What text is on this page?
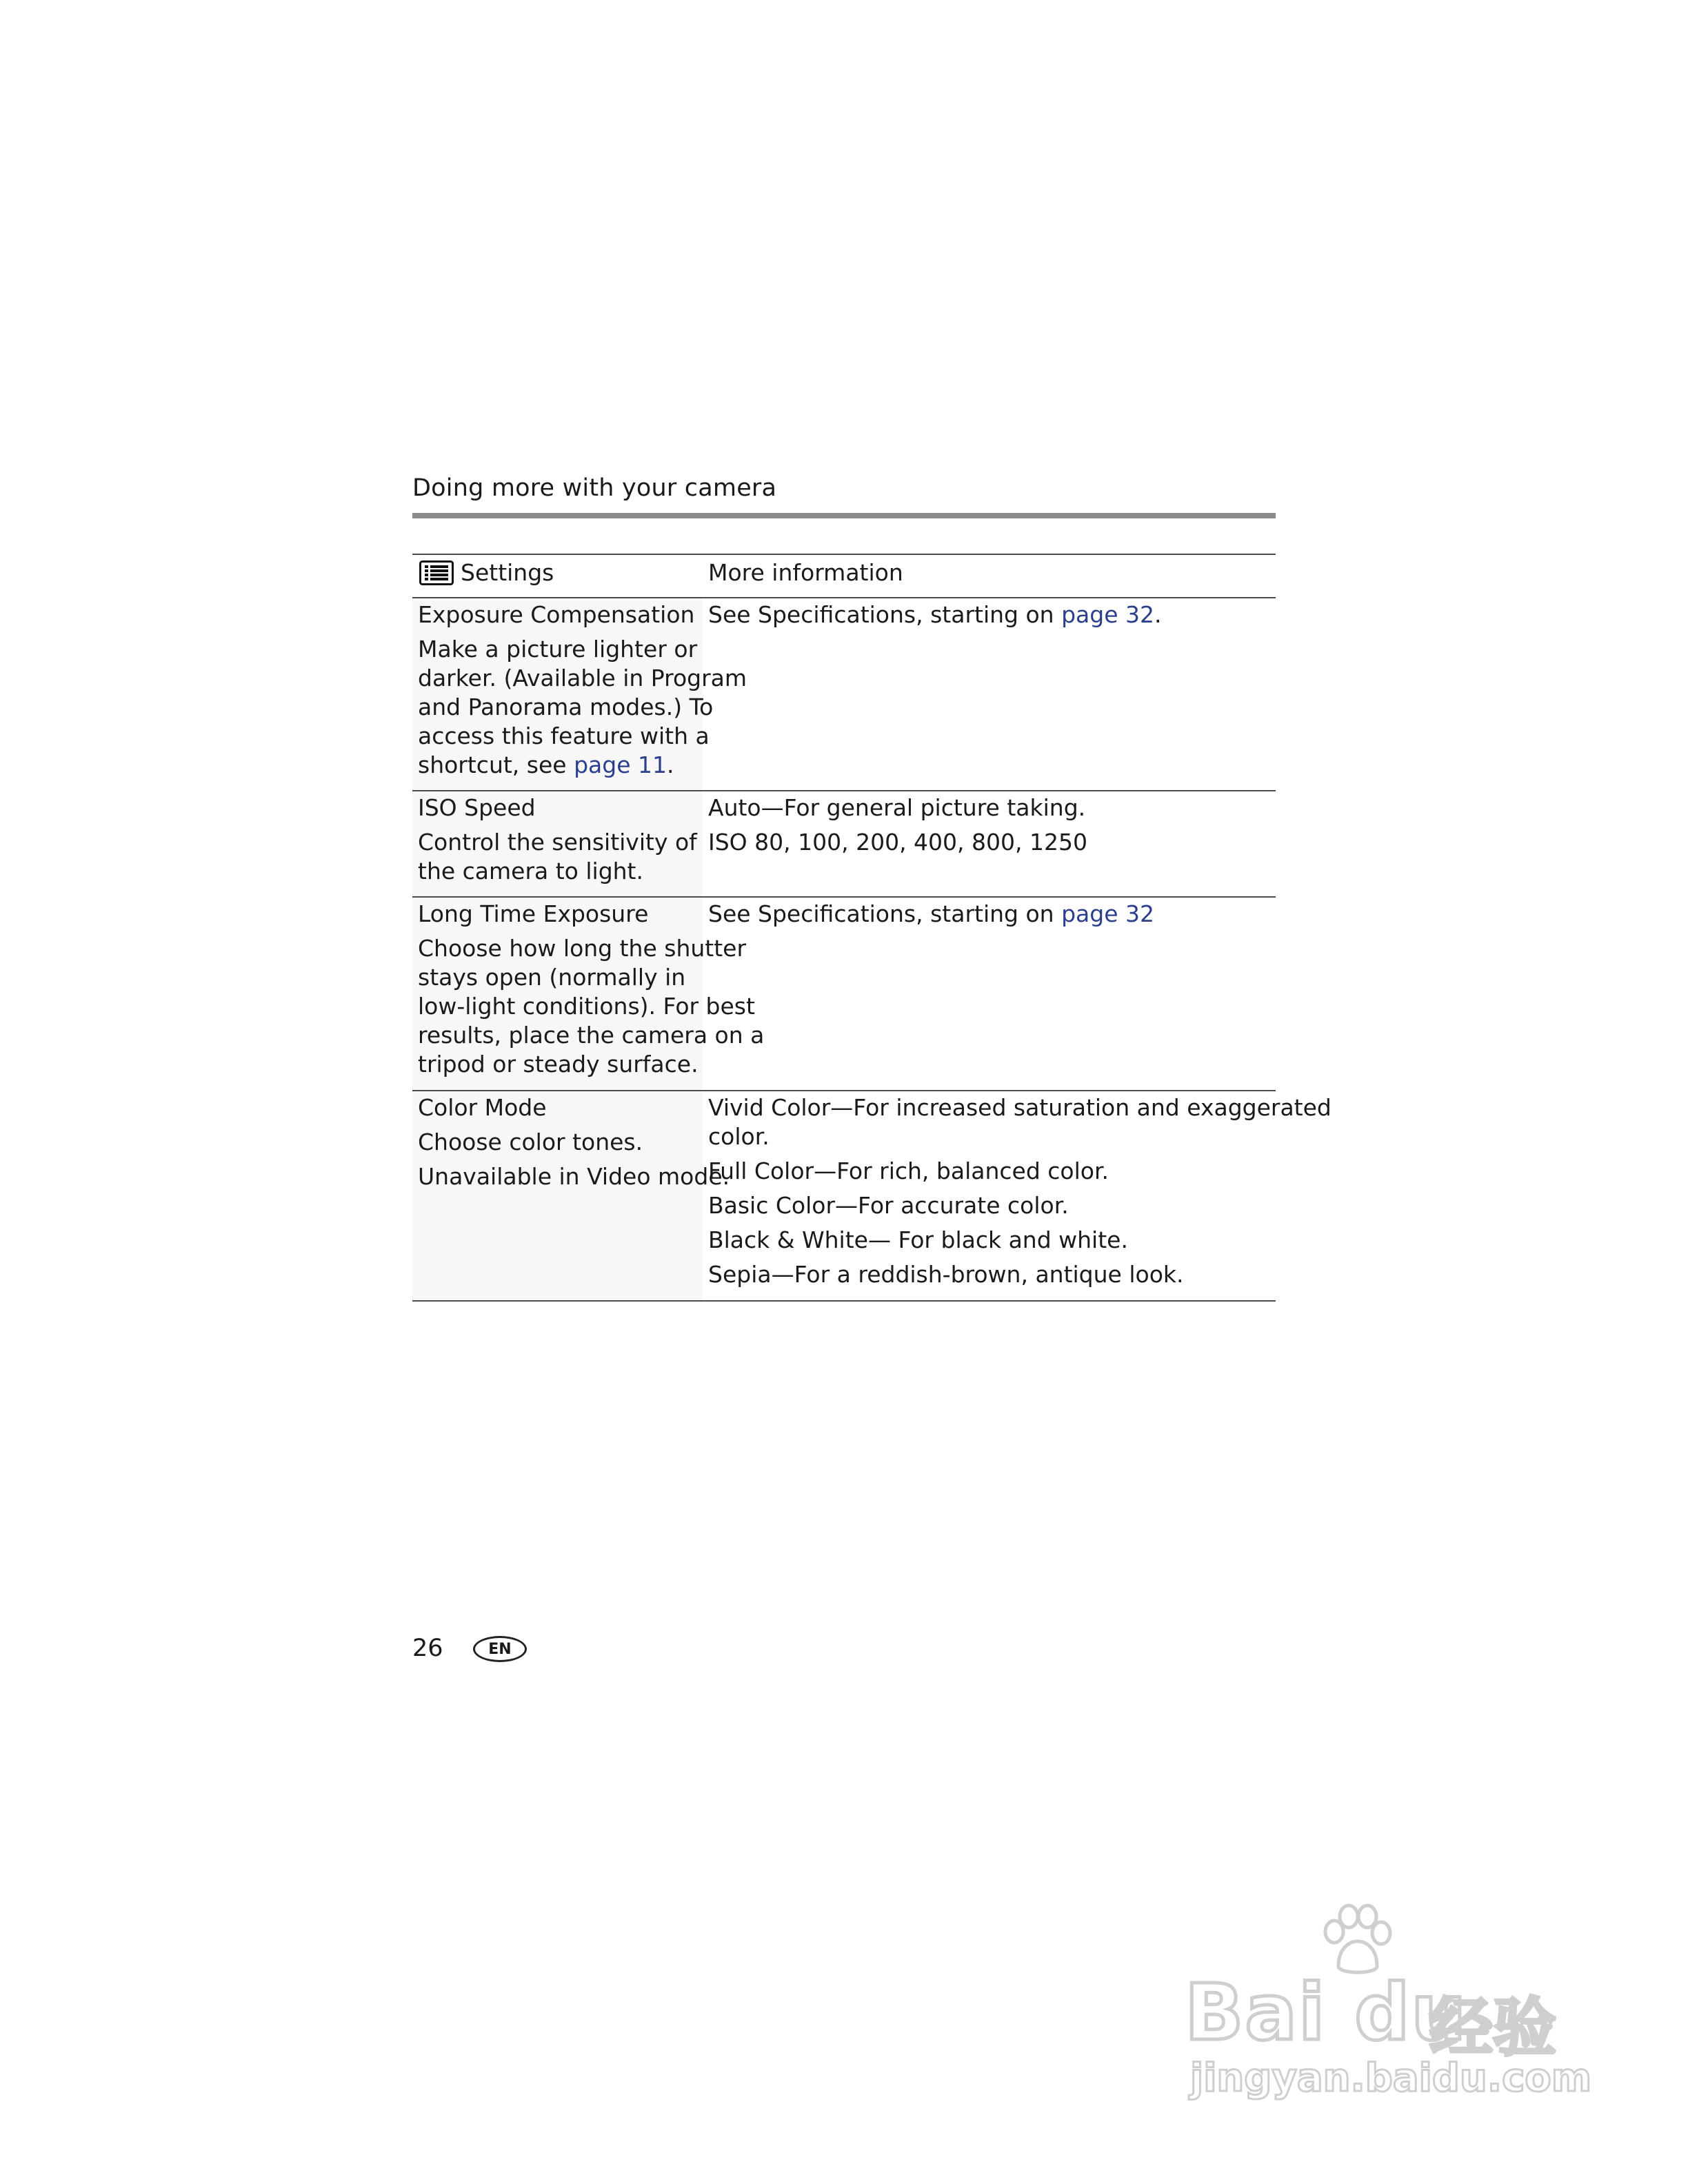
Doing more with your camera
Settings	More information
Exposure Compensation
Make a picture lighter or
darker. (Available in Program
and Panorama modes.) To
access this feature with a
shortcut, see page 11.
See Specifications, starting on page 32.
ISO Speed
Control the sensitivity of
the camera to light.
Auto—For general picture taking.
ISO 80, 100, 200, 400, 800, 1250
Long Time Exposure
Choose how long the shutter
stays open (normally in
low-light conditions). For best
results, place the camera on a
tripod or steady surface.
See Specifications, starting on page 32
Color Mode
Choose color tones.
Unavailable in Video mode.
Vivid Color—For increased saturation and exaggerated
color.
Full Color—For rich, balanced color.
Basic Color—For accurate color.
Black & White— For black and white.
Sepia—For a reddish-brown, antique look.
26	EN
Bai du
经验
jingyan.baidu.com
